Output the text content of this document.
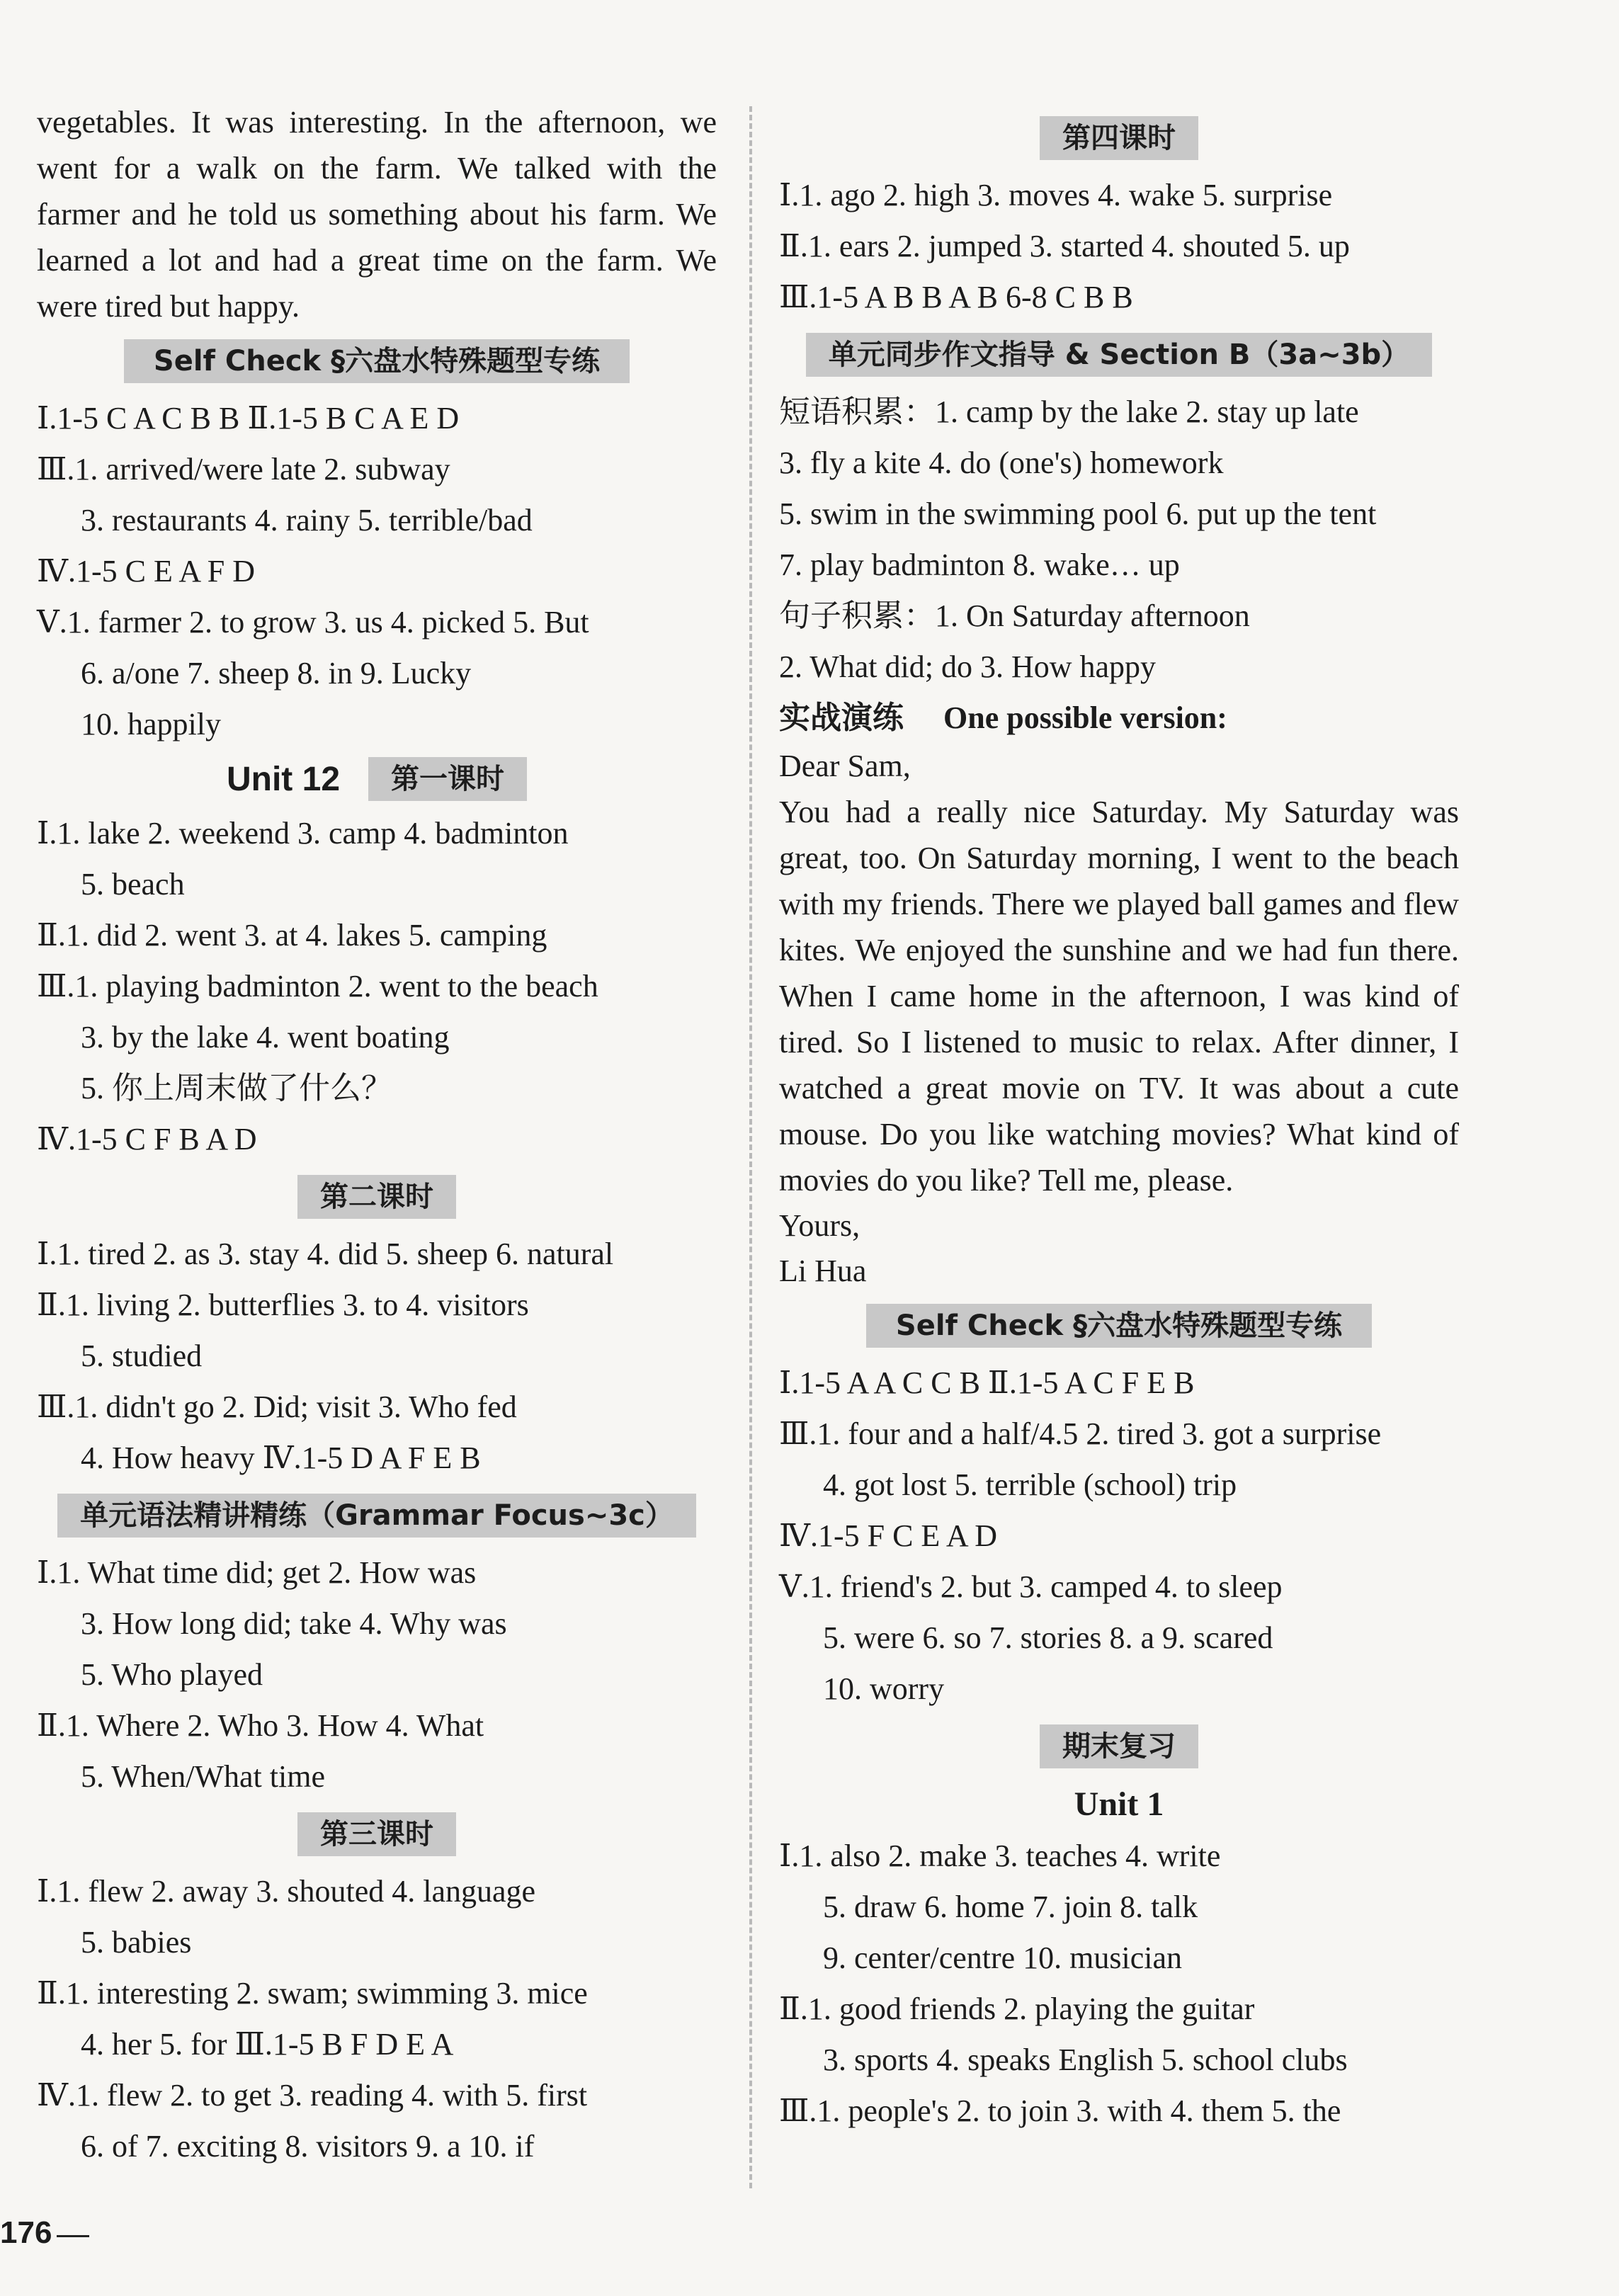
vegetables. It was interesting. In the afternoon, we went for a walk on the farm. We talked with the farmer and he told us something about his farm. We learned a lot and had a great time on the farm. We were tired but happy.
Self Check §六盘水特殊题型专练
Ⅰ.1-5 C A C B B Ⅱ.1-5 B C A E D
Ⅲ.1. arrived/were late 2. subway
3. restaurants 4. rainy 5. terrible/bad
Ⅳ.1-5 C E A F D
Ⅴ.1. farmer 2. to grow 3. us 4. picked 5. But
6. a/one 7. sheep 8. in 9. Lucky
10. happily
Unit 12	第一课时
Ⅰ.1. lake 2. weekend 3. camp 4. badminton
5. beach
Ⅱ.1. did 2. went 3. at 4. lakes 5. camping
Ⅲ.1. playing badminton 2. went to the beach
3. by the lake 4. went boating
5. 你上周末做了什么？
Ⅳ.1-5 C F B A D
第二课时
Ⅰ.1. tired 2. as 3. stay 4. did 5. sheep 6. natural
Ⅱ.1. living 2. butterflies 3. to 4. visitors
5. studied
Ⅲ.1. didn't go 2. Did; visit 3. Who fed
4. How heavy Ⅳ.1-5 D A F E B
单元语法精讲精练（Grammar Focus~3c）
Ⅰ.1. What time did; get 2. How was
3. How long did; take 4. Why was
5. Who played
Ⅱ.1. Where 2. Who 3. How 4. What
5. When/What time
第三课时
Ⅰ.1. flew 2. away 3. shouted 4. language
5. babies
Ⅱ.1. interesting 2. swam; swimming 3. mice
4. her 5. for Ⅲ.1-5 B F D E A
Ⅳ.1. flew 2. to get 3. reading 4. with 5. first
6. of 7. exciting 8. visitors 9. a 10. if
第四课时
Ⅰ.1. ago 2. high 3. moves 4. wake 5. surprise
Ⅱ.1. ears 2. jumped 3. started 4. shouted 5. up
Ⅲ.1-5 A B B A B 6-8 C B B
单元同步作文指导 & Section B（3a~3b）
短语积累：1. camp by the lake 2. stay up late
3. fly a kite 4. do (one's) homework
5. swim in the swimming pool 6. put up the tent
7. play badminton 8. wake… up
句子积累：1. On Saturday afternoon
2. What did; do 3. How happy
实战演练 One possible version:
Dear Sam,
You had a really nice Saturday. My Saturday was great, too. On Saturday morning, I went to the beach with my friends. There we played ball games and flew kites. We enjoyed the sunshine and we had fun there. When I came home in the afternoon, I was kind of tired. So I listened to music to relax. After dinner, I watched a great movie on TV. It was about a cute mouse. Do you like watching movies? What kind of movies do you like? Tell me, please.
Yours,
Li Hua
Self Check §六盘水特殊题型专练
Ⅰ.1-5 A A C C B Ⅱ.1-5 A C F E B
Ⅲ.1. four and a half/4.5 2. tired 3. got a surprise
4. got lost 5. terrible (school) trip
Ⅳ.1-5 F C E A D
Ⅴ.1. friend's 2. but 3. camped 4. to sleep
5. were 6. so 7. stories 8. a 9. scared
10. worry
期末复习
Unit 1
Ⅰ.1. also 2. make 3. teaches 4. write
5. draw 6. home 7. join 8. talk
9. center/centre 10. musician
Ⅱ.1. good friends 2. playing the guitar
3. sports 4. speaks English 5. school clubs
Ⅲ.1. people's 2. to join 3. with 4. them 5. the
176
